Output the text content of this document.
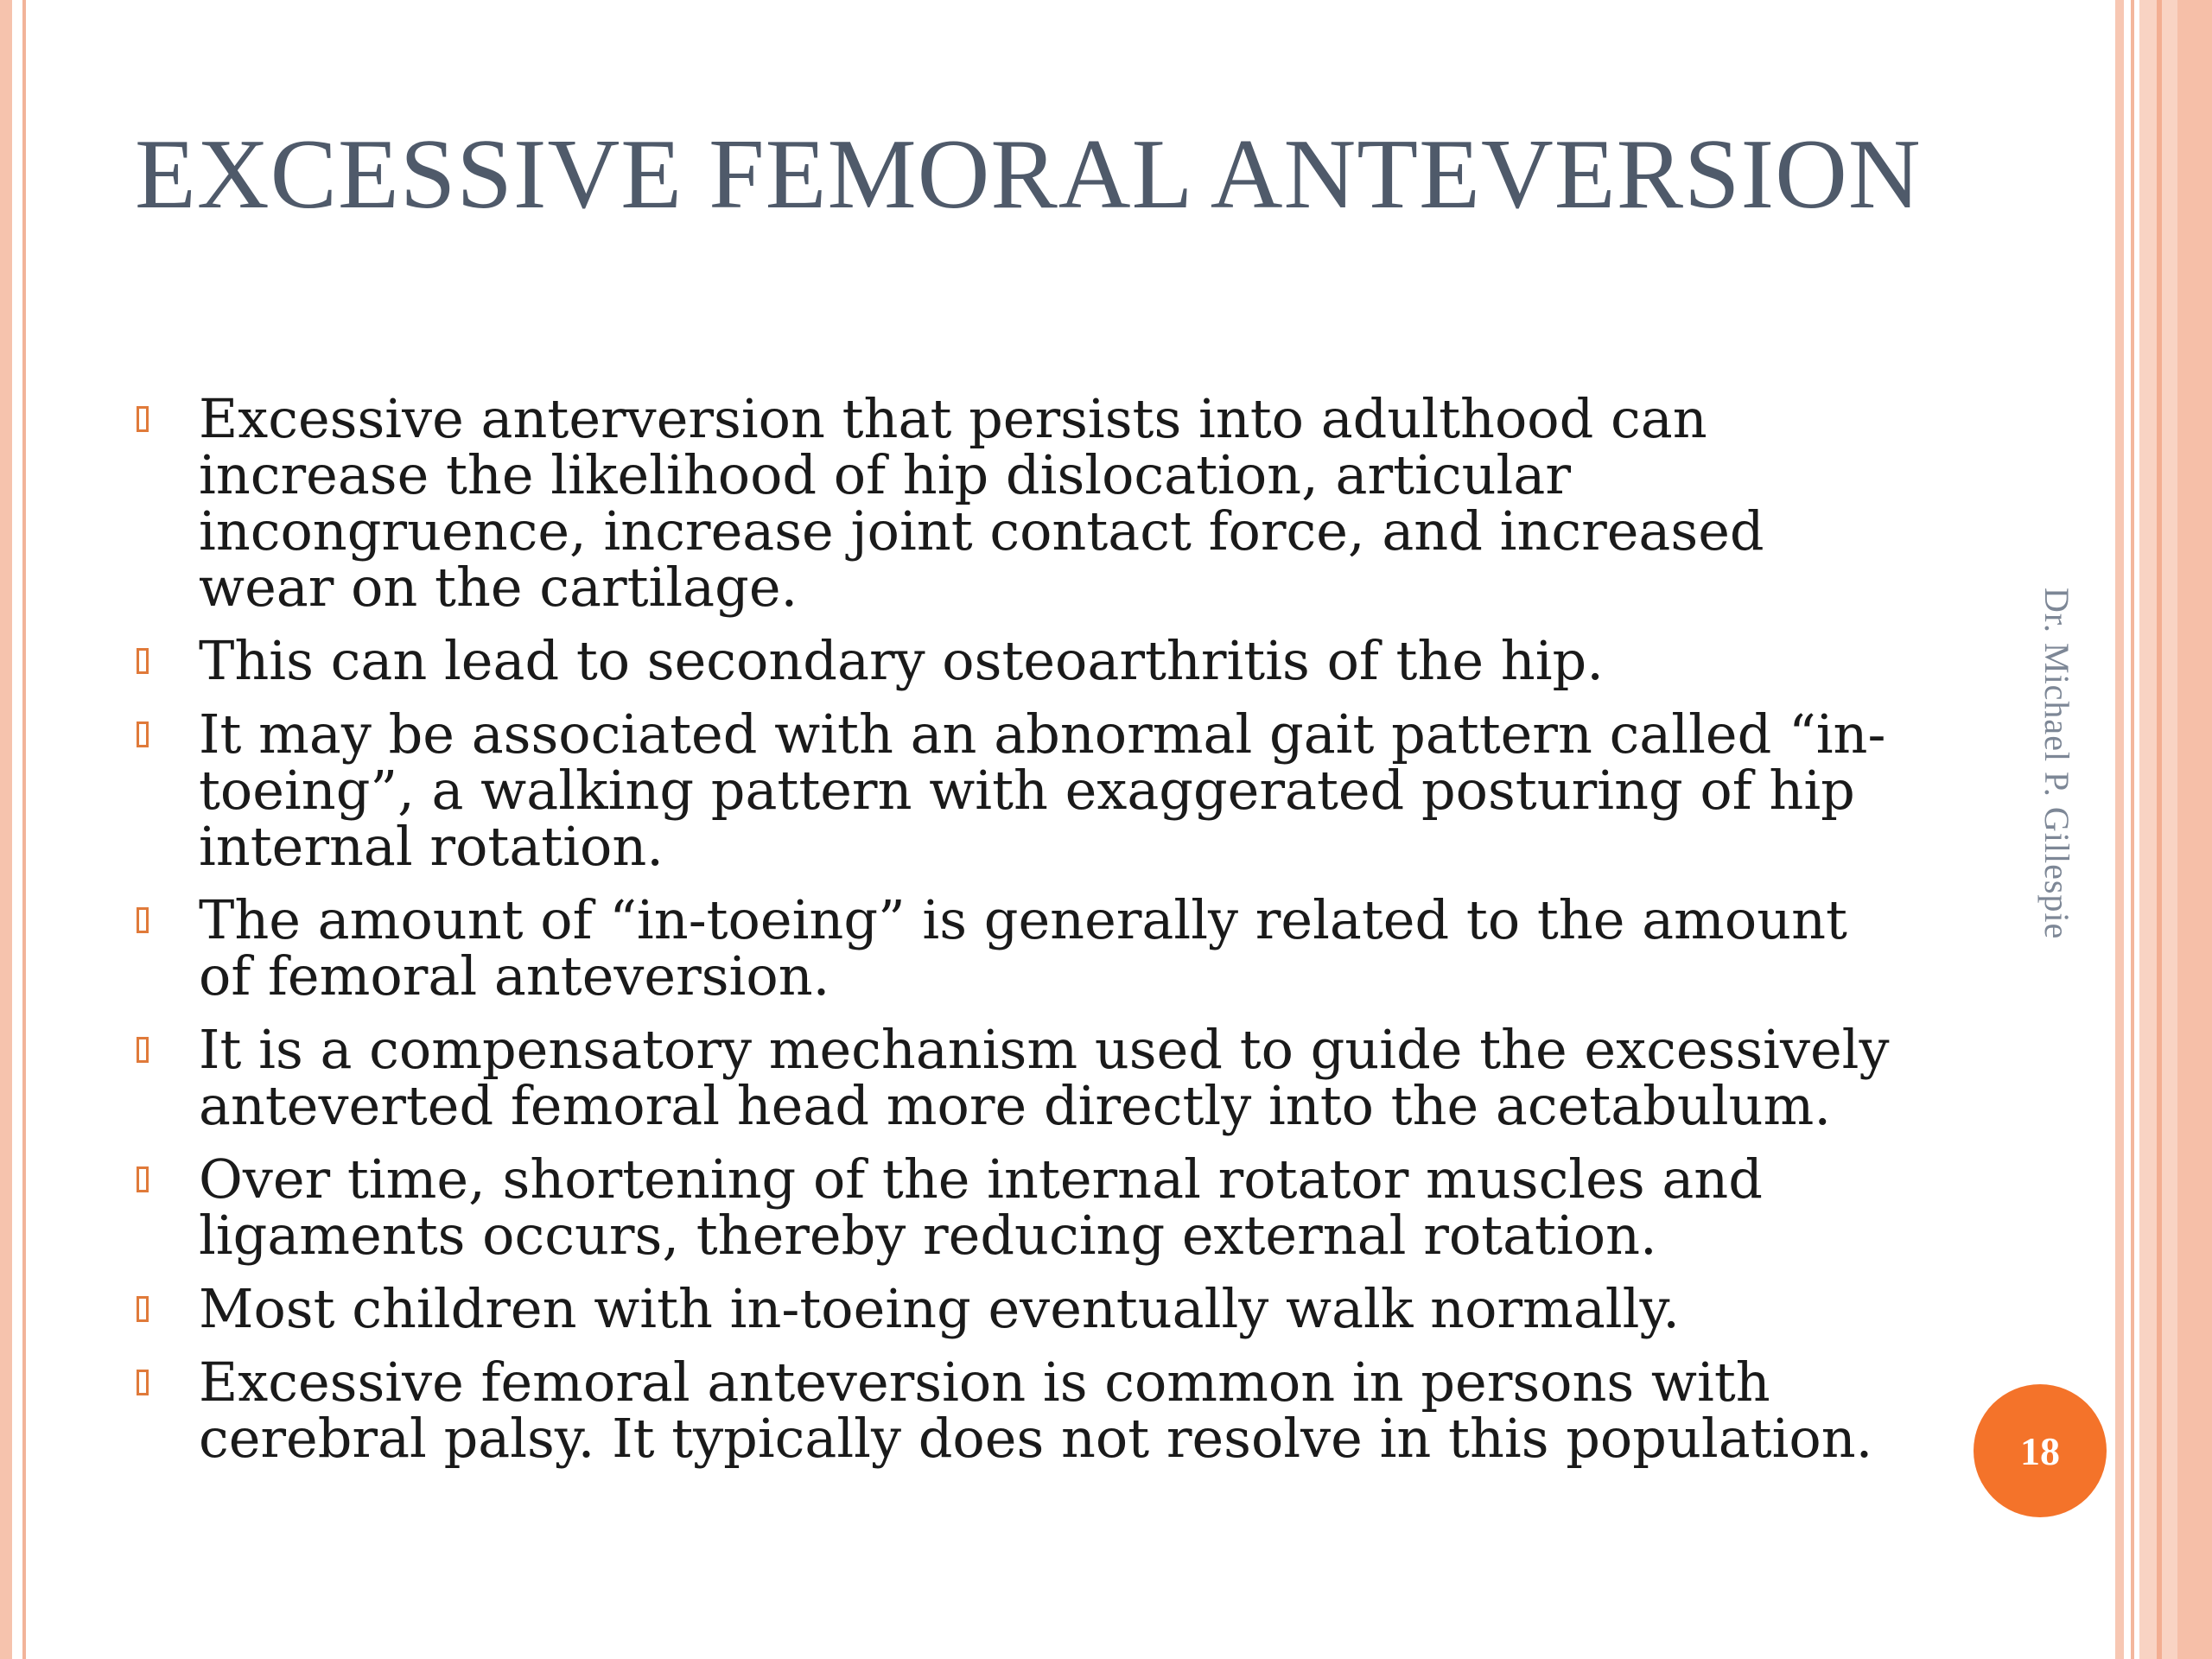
EXCESSIVE FEMORAL ANTEVERSION
Excessive anterversion that persists into adulthood can increase the likelihood of hip dislocation, articular incongruence, increase joint contact force, and increased wear on the cartilage.
This can lead to secondary osteoarthritis of the hip.
It may be associated with an abnormal gait pattern called “in-toeing”, a walking pattern with exaggerated posturing of hip internal rotation.
The amount of “in-toeing” is generally related to the amount of femoral anteversion.
It is a compensatory mechanism used to guide the excessively anteverted femoral head more directly into the acetabulum.
Over time, shortening of the internal rotator muscles and ligaments occurs, thereby reducing external rotation.
Most children with in-toeing eventually walk normally.
Excessive femoral anteversion is common in persons with cerebral palsy. It typically does not resolve in this population.
Dr. Michael P. Gillespie
18
